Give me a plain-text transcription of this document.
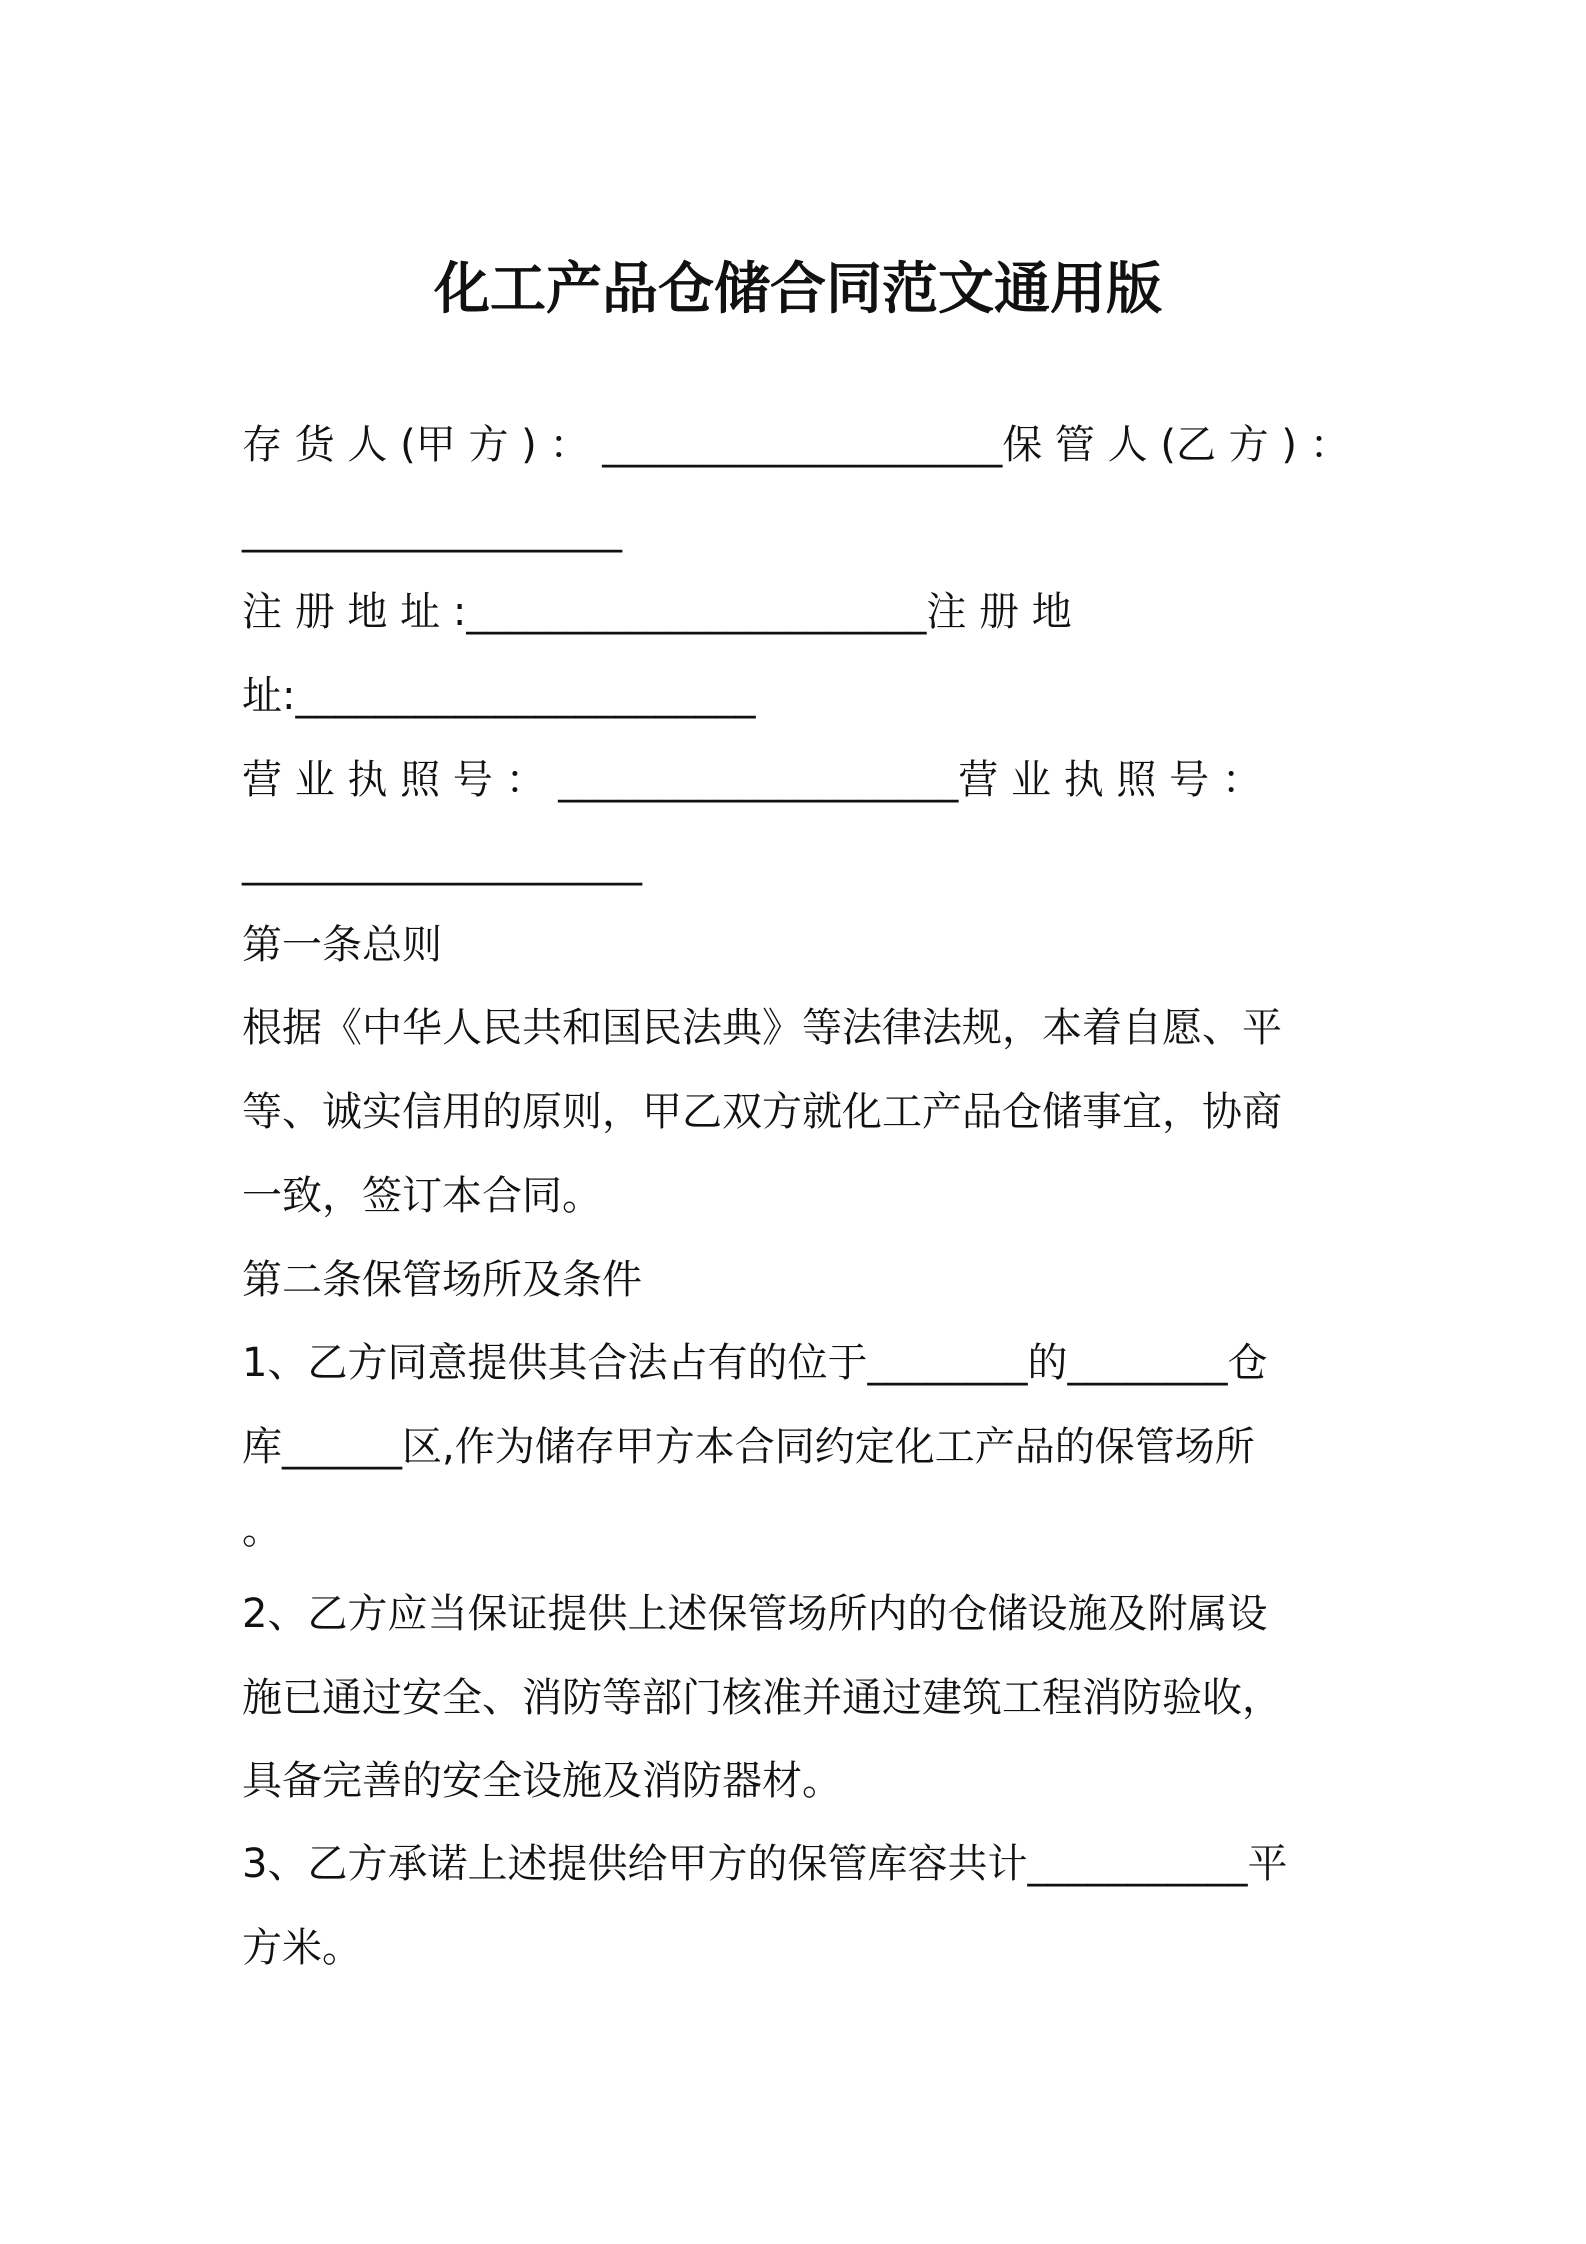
化工产品仓储合同范文通用版
存 货 人 (甲 方 ) ： ____________________保 管 人 (乙 方 ) ：
___________________
注 册 地 址 :_______________________注 册 地
址:_______________________
营 业 执 照 号 ： ____________________营 业 执 照 号 ：
____________________
第一条总则
根据《中华人民共和国民法典》等法律法规，本着自愿、平
等、诚实信用的原则，甲乙双方就化工产品仓储事宜，协商
一致，签订本合同。
第二条保管场所及条件
1、乙方同意提供其合法占有的位于________的________仓
库______区,作为储存甲方本合同约定化工产品的保管场所
。
2、乙方应当保证提供上述保管场所内的仓储设施及附属设
施已通过安全、消防等部门核准并通过建筑工程消防验收，
具备完善的安全设施及消防器材。
3、乙方承诺上述提供给甲方的保管库容共计___________平
方米。
